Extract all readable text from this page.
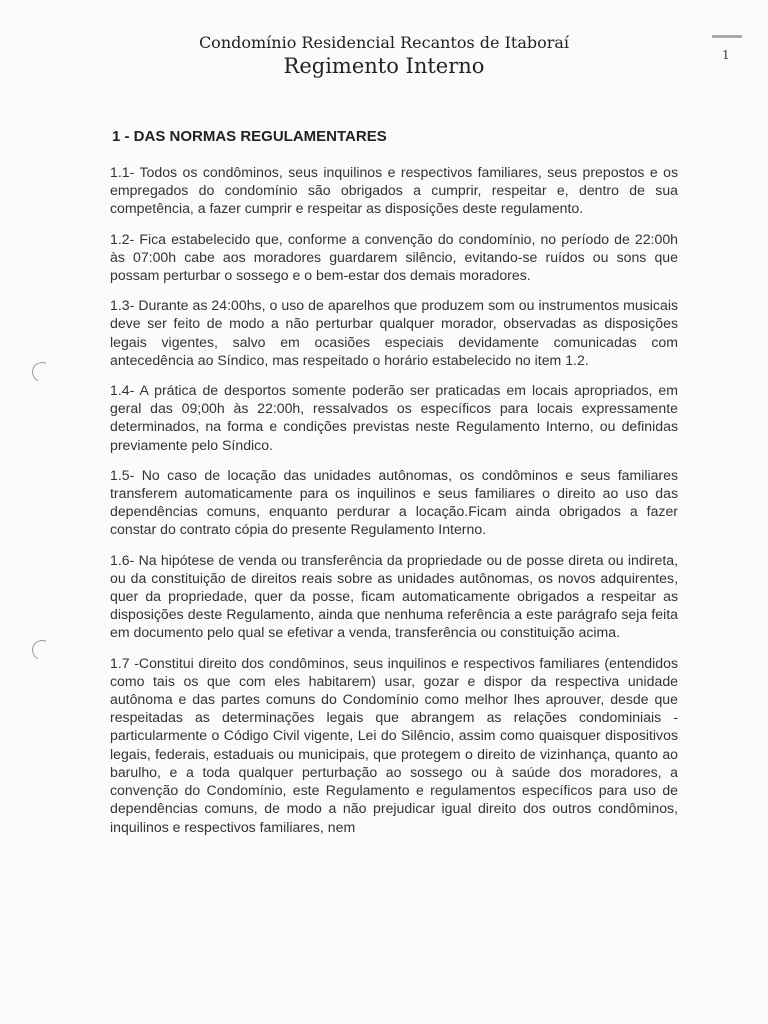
Condomínio Residencial Recantos de Itaboraí
Regimento Interno	1
1 - DAS NORMAS REGULAMENTARES

1.1- Todos os condôminos, seus inquilinos e respectivos familiares, seus prepostos e os empregados do condomínio são obrigados a cumprir, respeitar e, dentro de sua competência, a fazer cumprir e respeitar as disposições deste regulamento.

1.2- Fica estabelecido que, conforme a convenção do condomínio, no período de 22:00h às 07:00h cabe aos moradores guardarem silêncio, evitando-se ruídos ou sons que possam perturbar o sossego e o bem-estar dos demais moradores.

1.3- Durante as 24:00hs, o uso de aparelhos que produzem som ou instrumentos musicais deve ser feito de modo a não perturbar qualquer morador, observadas as disposições legais vigentes, salvo em ocasiões especiais devidamente comunicadas com antecedência ao Síndico, mas respeitado o horário estabelecido no item 1.2.

1.4- A prática de desportos somente poderão ser praticadas em locais apropriados, em geral das 09;00h às 22:00h, ressalvados os específicos para locais expressamente determinados, na forma e condições previstas neste Regulamento Interno, ou definidas previamente pelo Síndico.

1.5- No caso de locação das unidades autônomas, os condôminos e seus familiares transferem automaticamente para os inquilinos e seus familiares o direito ao uso das dependências comuns, enquanto perdurar a locação.Ficam ainda obrigados a fazer constar do contrato cópia do presente Regulamento Interno.

1.6- Na hipótese de venda ou transferência da propriedade ou de posse direta ou indireta, ou da constituição de direitos reais sobre as unidades autônomas, os novos adquirentes, quer da propriedade, quer da posse, ficam automaticamente obrigados a respeitar as disposições deste Regulamento, ainda que nenhuma referência a este parágrafo seja feita em documento pelo qual se efetivar a venda, transferência ou constituição acima.

1.7 -Constitui direito dos condôminos, seus inquilinos e respectivos familiares (entendidos como tais os que com eles habitarem) usar, gozar e dispor da respectiva unidade autônoma e das partes comuns do Condomínio como melhor lhes aprouver, desde que respeitadas as determinações legais que abrangem as relações condominiais - particularmente o Código Civil vigente, Lei do Silêncio, assim como quaisquer dispositivos legais, federais, estaduais ou municipais, que protegem o direito de vizinhança, quanto ao barulho, e a toda qualquer perturbação ao sossego ou à saúde dos moradores, a convenção do Condomínio, este Regulamento e regulamentos específicos para uso de dependências comuns, de modo a não prejudicar igual direito dos outros condôminos, inquilinos e respectivos familiares, nem
